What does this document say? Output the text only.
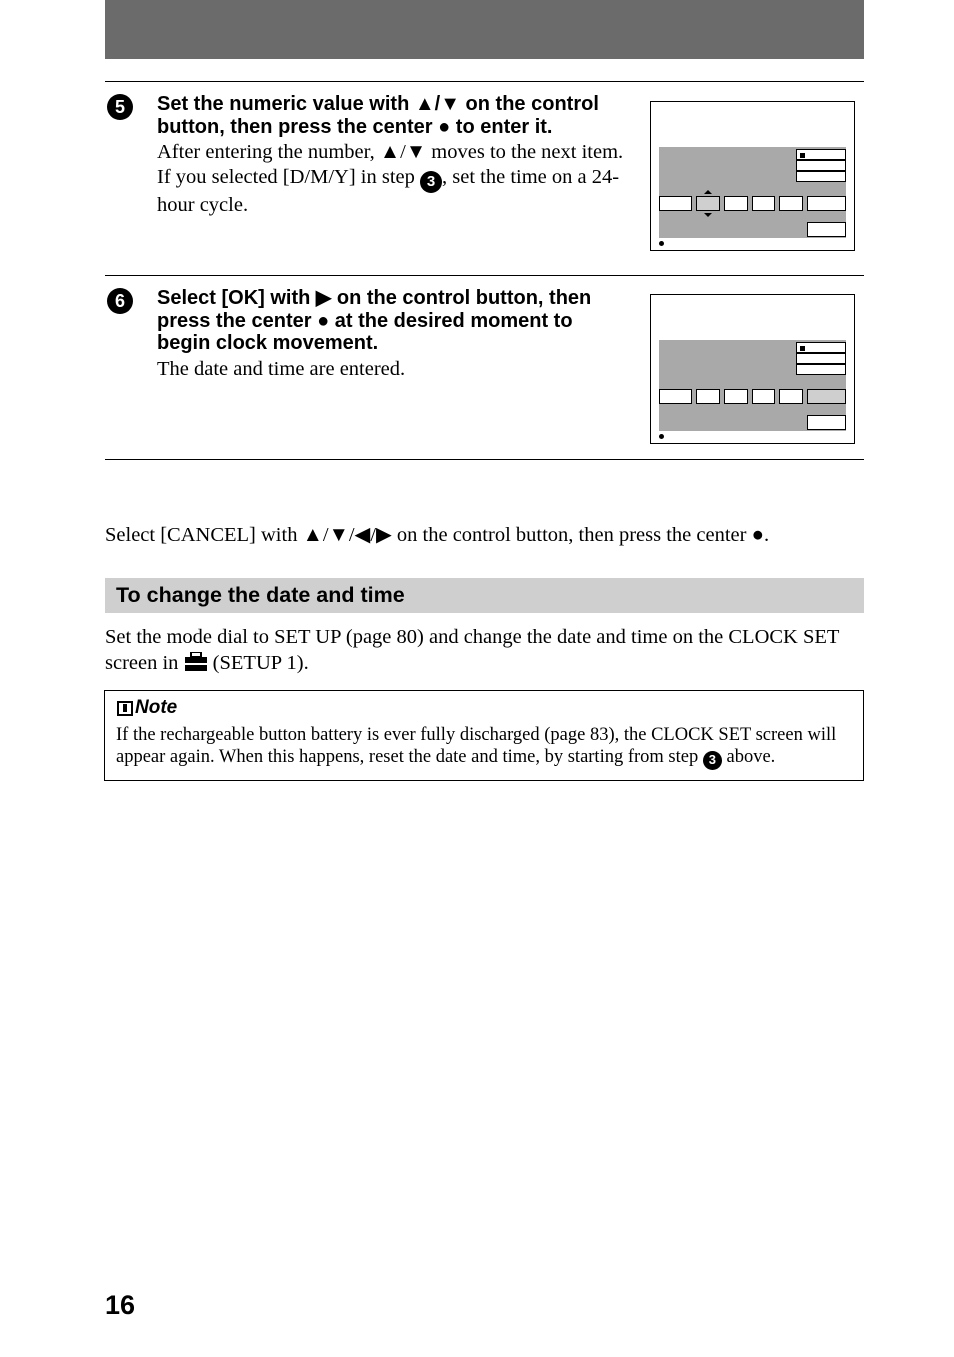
5	Set the numeric value with ▲/▼ on the control button, then press the center ● to enter it.
After entering the number, ▲/▼ moves to the next item.
If you selected [D/M/Y] in step 3 , set the time on a 24-hour cycle.
6	Select [OK] with ▶ on the control button, then press the center ● at the desired moment to begin clock movement.
The date and time are entered.
Select [CANCEL] with ▲/▼/◀/▶ on the control button, then press the center ●.
To change the date and time
Set the mode dial to SET UP (page 80) and change the date and time on the CLOCK SET screen in  (SETUP 1).
Note
If the rechargeable button battery is ever fully discharged (page 83), the CLOCK SET screen will appear again. When this happens, reset the date and time, by starting from step 3 above.
16
